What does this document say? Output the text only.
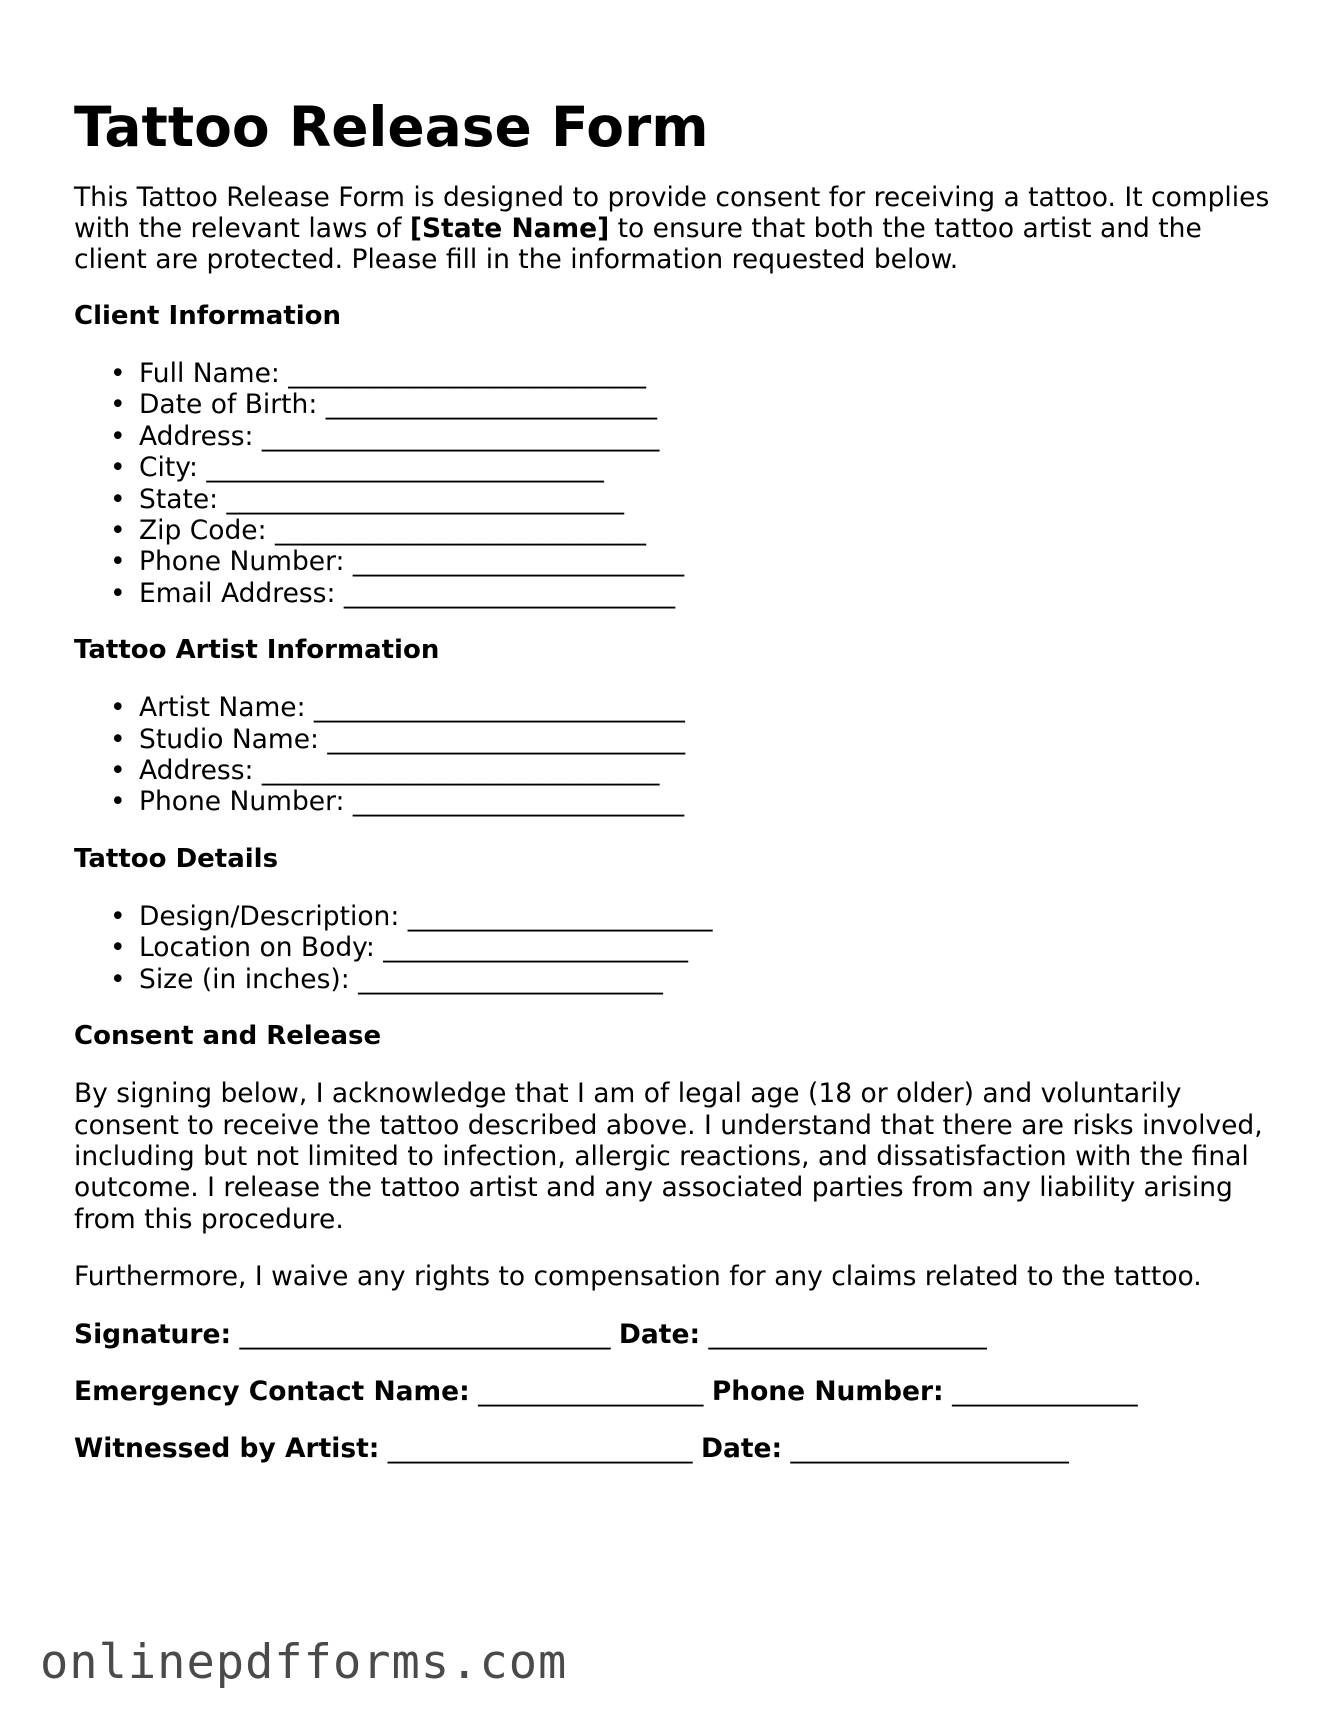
Tattoo Release Form

This Tattoo Release Form is designed to provide consent for receiving a tattoo. It complies with the relevant laws of [State Name] to ensure that both the tattoo artist and the client are protected. Please fill in the information requested below.

Client Information
• Full Name: ___________________________
• Date of Birth: _________________________
• Address: ______________________________
• City: ______________________________
• State: ______________________________
• Zip Code: ____________________________
• Phone Number: _________________________
• Email Address: _________________________
Tattoo Artist Information
• Artist Name: ____________________________
• Studio Name: ___________________________
• Address: ______________________________
• Phone Number: _________________________
Tattoo Details
• Design/Description: _______________________
• Location on Body: _______________________
• Size (in inches): _______________________
Consent and Release

By signing below, I acknowledge that I am of legal age (18 or older) and voluntarily consent to receive the tattoo described above. I understand that there are risks involved, including but not limited to infection, allergic reactions, and dissatisfaction with the final outcome. I release the tattoo artist and any associated parties from any liability arising from this procedure.

Furthermore, I waive any rights to compensation for any claims related to the tattoo.

Signature: ____________________________ Date: _____________________

Emergency Contact Name: _________________ Phone Number: ______________

Witnessed by Artist: _______________________ Date: _____________________

onlinepdfforms.com
